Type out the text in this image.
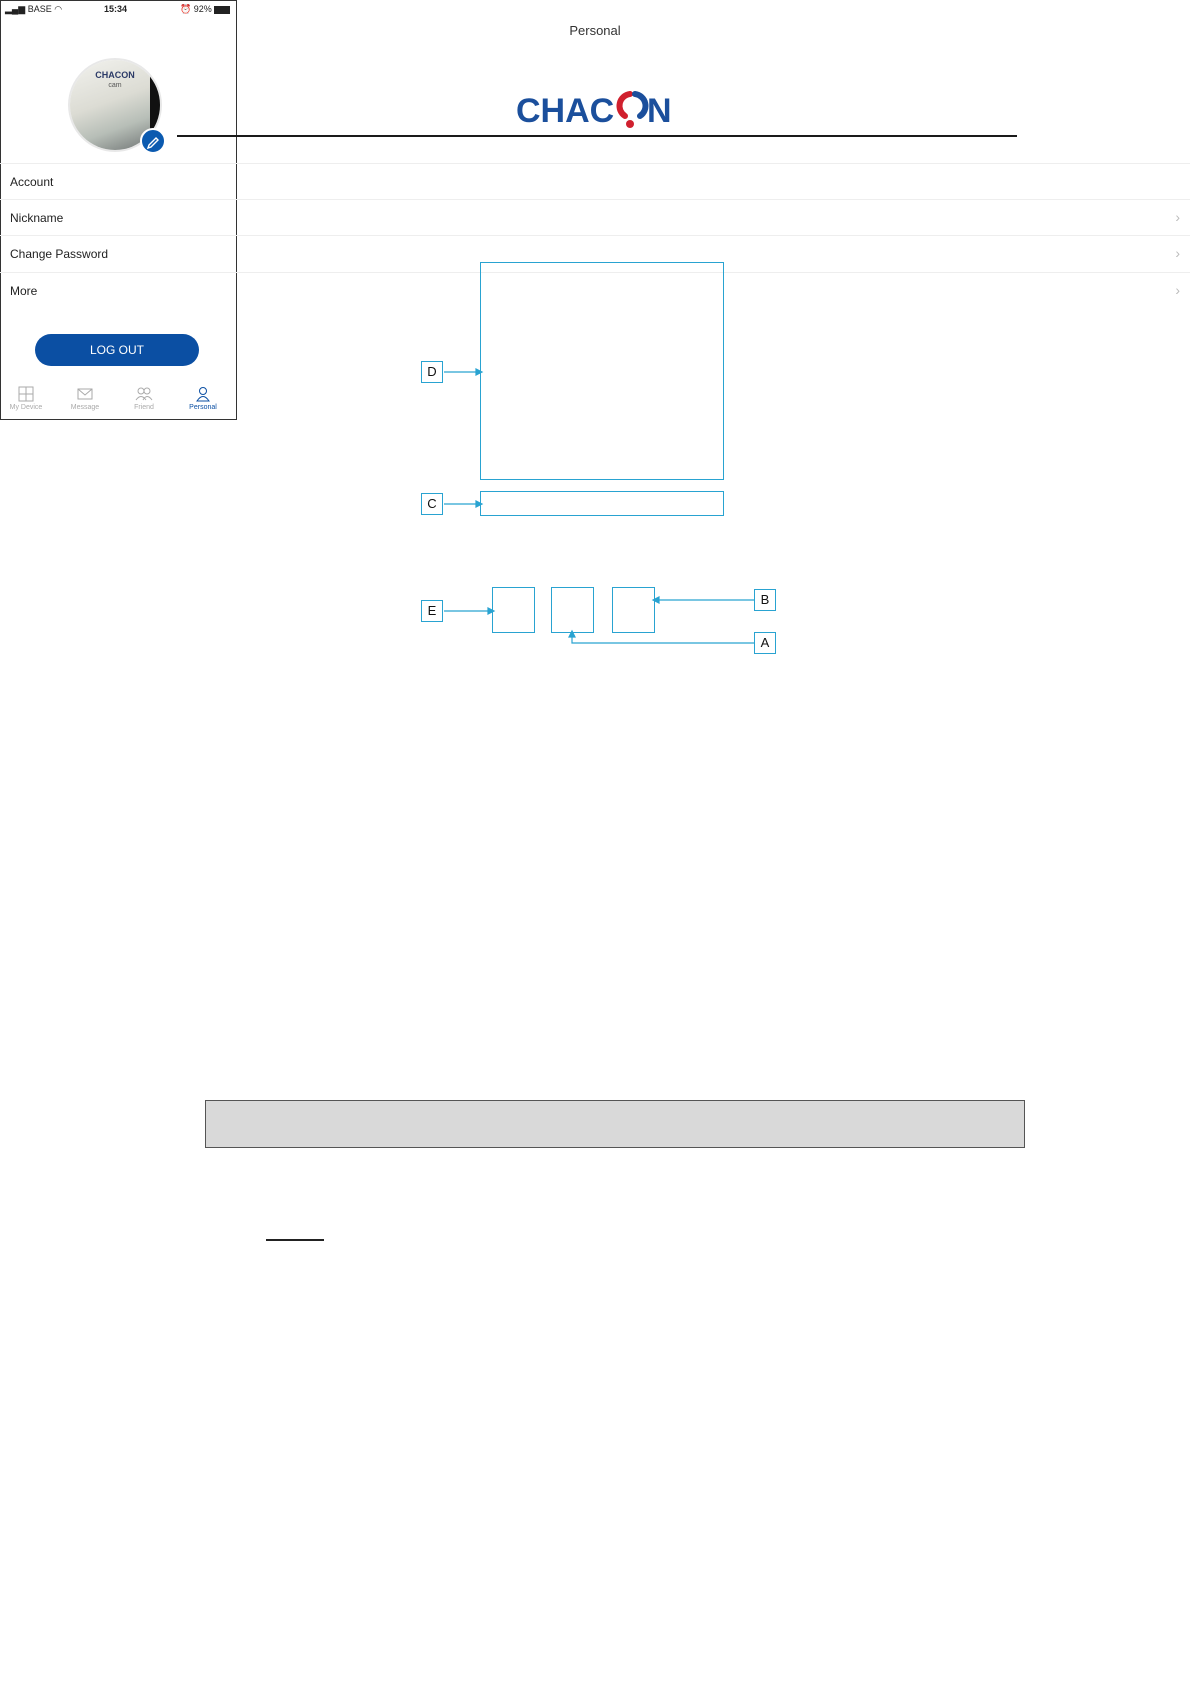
CHAC N
▂▄▆ BASE ◠	15:34	⏰ 92%
Personal
CHACON
cam
Account
Nickname	›
Change Password	›
More	›
LOG OUT
My Device	Message	Friend	Personal
D
C
E
B
A
